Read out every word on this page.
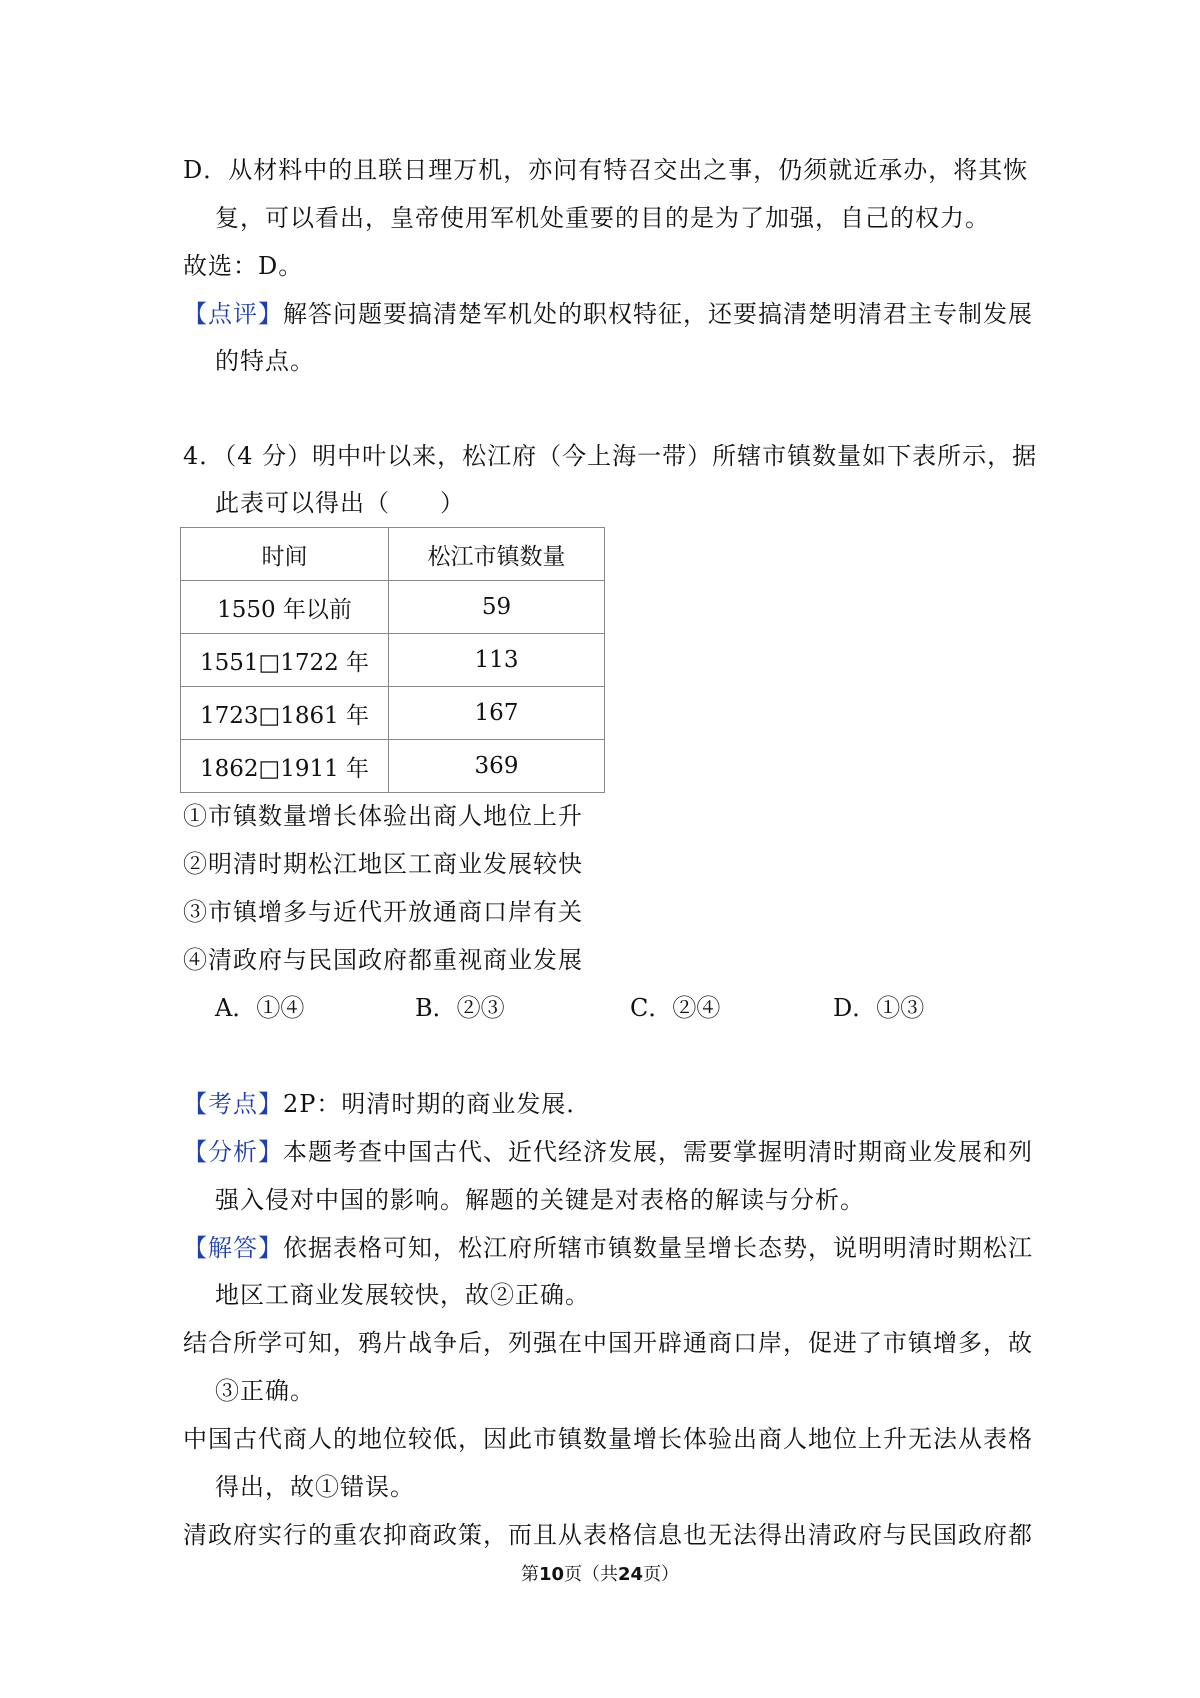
D．从材料中的且联日理万机，亦问有特召交出之事，仍须就近承办，将其恢
复，可以看出，皇帝使用军机处重要的目的是为了加强，自己的权力。
故选：D。
【点评】解答问题要搞清楚军机处的职权特征，还要搞清楚明清君主专制发展
的特点。
4．（4 分）明中叶以来，松江府（今上海一带）所辖市镇数量如下表所示，据
此表可以得出（　　）
时间	松江市镇数量
1550 年以前	59
1551□1722 年	113
1723□1861 年	167
1862□1911 年	369
①市镇数量增长体验出商人地位上升
②明清时期松江地区工商业发展较快
③市镇增多与近代开放通商口岸有关
④清政府与民国政府都重视商业发展
A．①④	B．②③	C．②④	D．①③
【考点】2P：明清时期的商业发展．
【分析】本题考查中国古代、近代经济发展，需要掌握明清时期商业发展和列
强入侵对中国的影响。解题的关键是对表格的解读与分析。
【解答】依据表格可知，松江府所辖市镇数量呈增长态势，说明明清时期松江
地区工商业发展较快，故②正确。
结合所学可知，鸦片战争后，列强在中国开辟通商口岸，促进了市镇增多，故
③正确。
中国古代商人的地位较低，因此市镇数量增长体验出商人地位上升无法从表格
得出，故①错误。
清政府实行的重农抑商政策，而且从表格信息也无法得出清政府与民国政府都
第10页（共24页）
